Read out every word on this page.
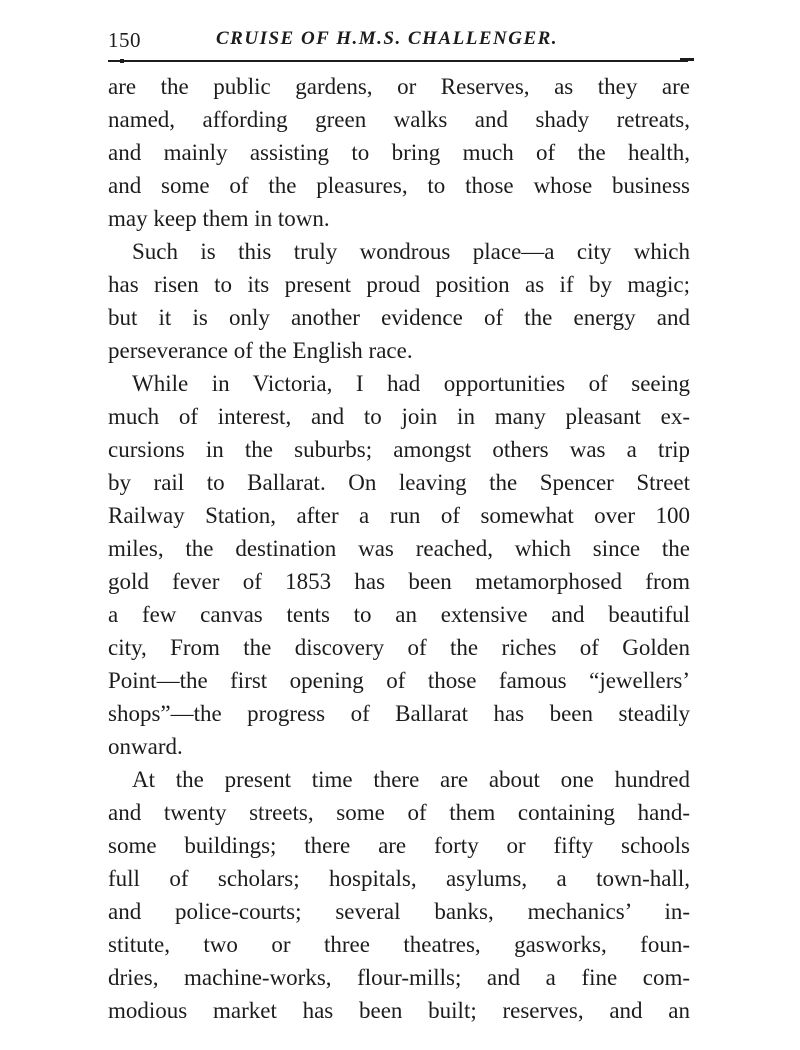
150	CRUISE OF H.M.S. CHALLENGER.
are the public gardens, or Reserves, as they are
named, affording green walks and shady retreats,
and mainly assisting to bring much of the health,
and some of the pleasures, to those whose business
may keep them in town.
Such is this truly wondrous place—a city which
has risen to its present proud position as if by magic;
but it is only another evidence of the energy and
perseverance of the English race.
While in Victoria, I had opportunities of seeing
much of interest, and to join in many pleasant ex-
cursions in the suburbs; amongst others was a trip
by rail to Ballarat. On leaving the Spencer Street
Railway Station, after a run of somewhat over 100
miles, the destination was reached, which since the
gold fever of 1853 has been metamorphosed from
a few canvas tents to an extensive and beautiful
city, From the discovery of the riches of Golden
Point—the first opening of those famous “jewellers’
shops”—the progress of Ballarat has been steadily
onward.
At the present time there are about one hundred
and twenty streets, some of them containing hand-
some buildings; there are forty or fifty schools
full of scholars; hospitals, asylums, a town-hall,
and police-courts; several banks, mechanics’ in-
stitute, two or three theatres, gasworks, foun-
dries, machine-works, flour-mills; and a fine com-
modious market has been built; reserves, and an
